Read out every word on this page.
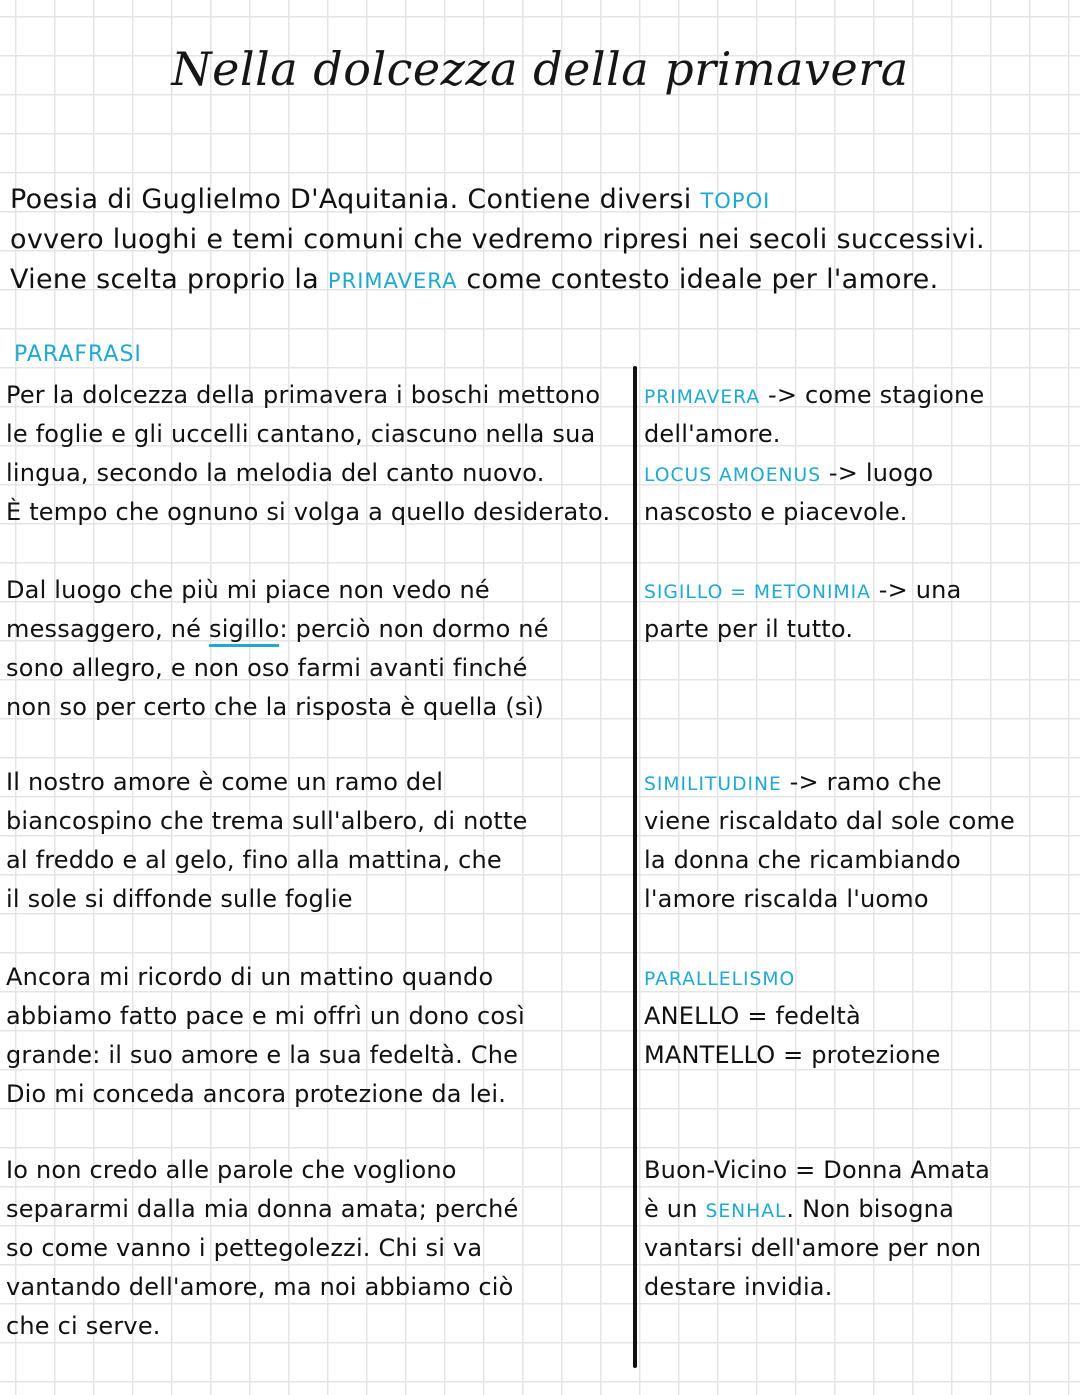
Nella dolcezza della primavera
Poesia di Guglielmo D'Aquitania. Contiene diversi TOPOI
ovvero luoghi e temi comuni che vedremo ripresi nei secoli successivi.
Viene scelta proprio la PRIMAVERA come contesto ideale per l'amore.
PARAFRASI
Per la dolcezza della primavera i boschi mettono
le foglie e gli uccelli cantano, ciascuno nella sua
lingua, secondo la melodia del canto nuovo.
È tempo che ognuno si volga a quello desiderato.
PRIMAVERA -> come stagione
dell'amore.
LOCUS AMOENUS -> luogo
nascosto e piacevole.
Dal luogo che più mi piace non vedo né
messaggero, né sigillo: perciò non dormo né
sono allegro, e non oso farmi avanti finché
non so per certo che la risposta è quella (sì)
SIGILLO = METONIMIA -> una
parte per il tutto.
Il nostro amore è come un ramo del
biancospino che trema sull'albero, di notte
al freddo e al gelo, fino alla mattina, che
il sole si diffonde sulle foglie
SIMILITUDINE -> ramo che
viene riscaldato dal sole come
la donna che ricambiando
l'amore riscalda l'uomo
Ancora mi ricordo di un mattino quando
abbiamo fatto pace e mi offrì un dono così
grande: il suo amore e la sua fedeltà. Che
Dio mi conceda ancora protezione da lei.
PARALLELISMO
ANELLO = fedeltà
MANTELLO = protezione
Io non credo alle parole che vogliono
separarmi dalla mia donna amata; perché
so come vanno i pettegolezzi. Chi si va
vantando dell'amore, ma noi abbiamo ciò
che ci serve.
Buon-Vicino = Donna Amata
è un SENHAL. Non bisogna
vantarsi dell'amore per non
destare invidia.
